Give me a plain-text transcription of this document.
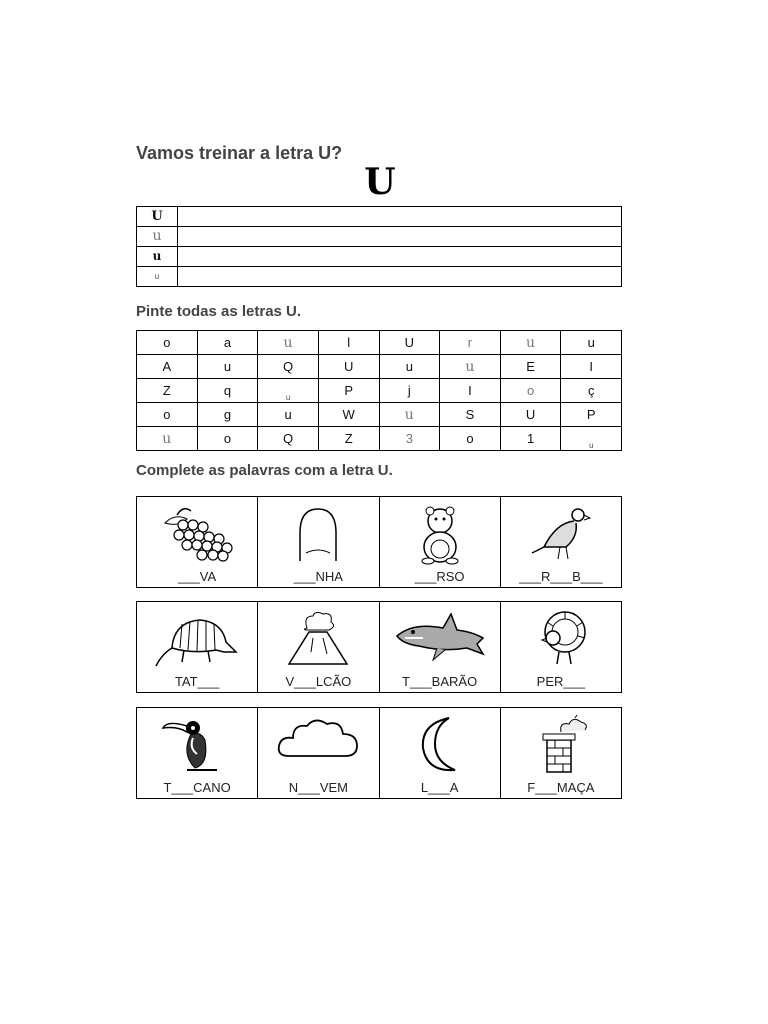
Vamos treinar a letra U?
U
U	
u	
u	
u	
Pinte todas as letras U.
o	a	u	l	U	r	u	u
A	u	Q	U	u	u	E	I
Z	q	u	P	j	I	o	ç
o	g	u	W	u	S	U	P
u	o	Q	Z	3	o	1	u
Complete as palavras com a letra U.
___VA	___NHA	___RSO	___R___B___
TAT___	V___LCÃO	T___BARÃO	PER___
T___CANO	N___VEM	L___A	F___MAÇA
